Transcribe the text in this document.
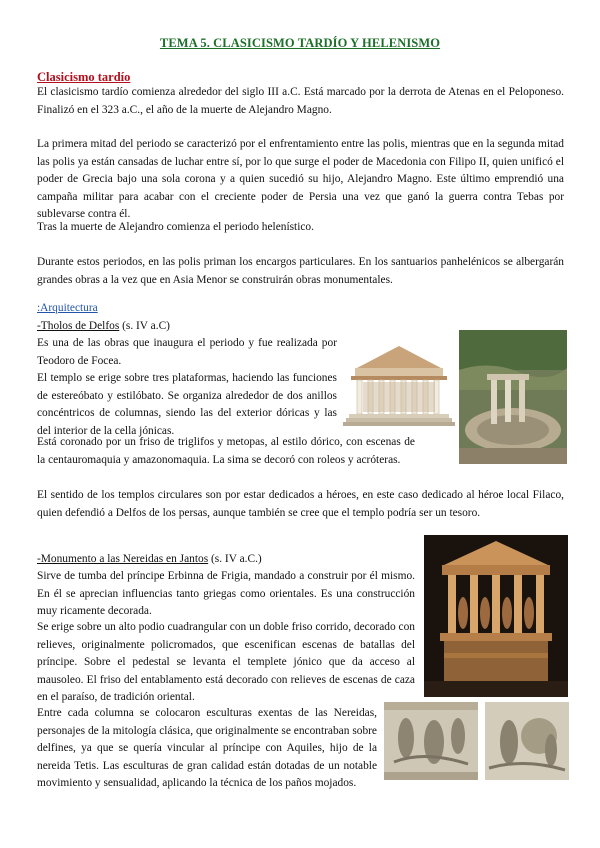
TEMA 5. CLASICISMO TARDÍO Y HELENISMO
Clasicismo tardío
El clasicismo tardío comienza alrededor del siglo III a.C. Está marcado por la derrota de Atenas en el Peloponeso. Finalizó en el 323 a.C., el año de la muerte de Alejandro Magno.
La primera mitad del periodo se caracterizó por el enfrentamiento entre las polis, mientras que en la segunda mitad las polis ya están cansadas de luchar entre sí, por lo que surge el poder de Macedonia con Filipo II, quien unificó el poder de Grecia bajo una sola corona y a quien sucedió su hijo, Alejandro Magno. Este último emprendió una campaña militar para acabar con el creciente poder de Persia una vez que ganó la guerra contra Tebas por sublevarse contra él.
Tras la muerte de Alejandro comienza el periodo helenístico.
Durante estos periodos, en las polis priman los encargos particulares. En los santuarios panhelénicos se albergarán grandes obras a la vez que en Asia Menor se construirán obras monumentales.
:Arquitectura
-Tholos de Delfos (s. IV a.C)
Es una de las obras que inaugura el periodo y fue realizada por Teodoro de Focea.
El templo se erige sobre tres plataformas, haciendo las funciones de estereóbato y estilóbato. Se organiza alrededor de dos anillos concéntricos de columnas, siendo las del exterior dóricas y las del interior de la cella jónicas.
Está coronado por un friso de triglifos y metopas, al estilo dórico, con escenas de la centauromaquia y amazonomaquia. La sima se decoró con roleos y acróteras.
El sentido de los templos circulares son por estar dedicados a héroes, en este caso dedicado al héroe local Filaco, quien defendió a Delfos de los persas, aunque también se cree que el templo podría ser un tesoro.
-Monumento a las Nereidas en Jantos (s. IV a.C.)
Sirve de tumba del príncipe Erbinna de Frigia, mandado a construir por él mismo. En él se aprecian influencias tanto griegas como orientales. Es una construcción muy ricamente decorada.
Se erige sobre un alto podio cuadrangular con un doble friso corrido, decorado con relieves, originalmente policromados, que escenifican escenas de batallas del príncipe. Sobre el pedestal se levanta el templete jónico que da acceso al mausoleo. El friso del entablamento está decorado con relieves de escenas de caza en el paraíso, de tradición oriental.
Entre cada columna se colocaron esculturas exentas de las Nereidas, personajes de la mitología clásica, que originalmente se encontraban sobre delfines, ya que se quería vincular al príncipe con Aquiles, hijo de la nereida Tetis. Las esculturas de gran calidad están dotadas de un notable movimiento y sensualidad, aplicando la técnica de los paños mojados.
